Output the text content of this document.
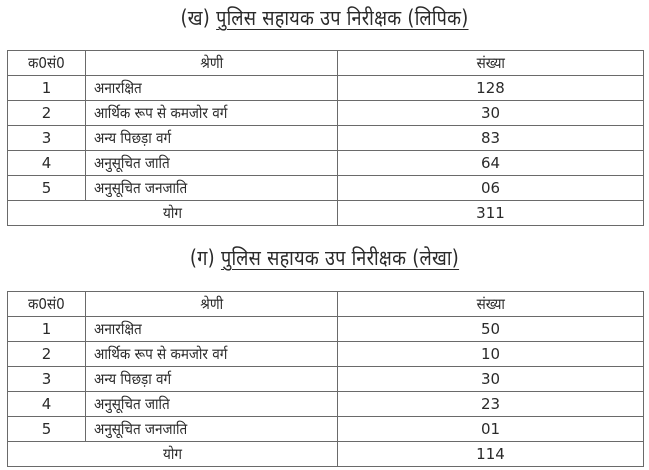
(ख) पुलिस सहायक उप निरीक्षक (लिपिक)
क0सं0	श्रेणी	संख्या
1	अनारक्षित	128
2	आर्थिक रूप से कमजोर वर्ग	30
3	अन्य पिछड़ा वर्ग	83
4	अनुसूचित जाति	64
5	अनुसूचित जनजाति	06
योग		311
(ग) पुलिस सहायक उप निरीक्षक (लेखा)
क0सं0	श्रेणी	संख्या
1	अनारक्षित	50
2	आर्थिक रूप से कमजोर वर्ग	10
3	अन्य पिछड़ा वर्ग	30
4	अनुसूचित जाति	23
5	अनुसूचित जनजाति	01
योग		114
